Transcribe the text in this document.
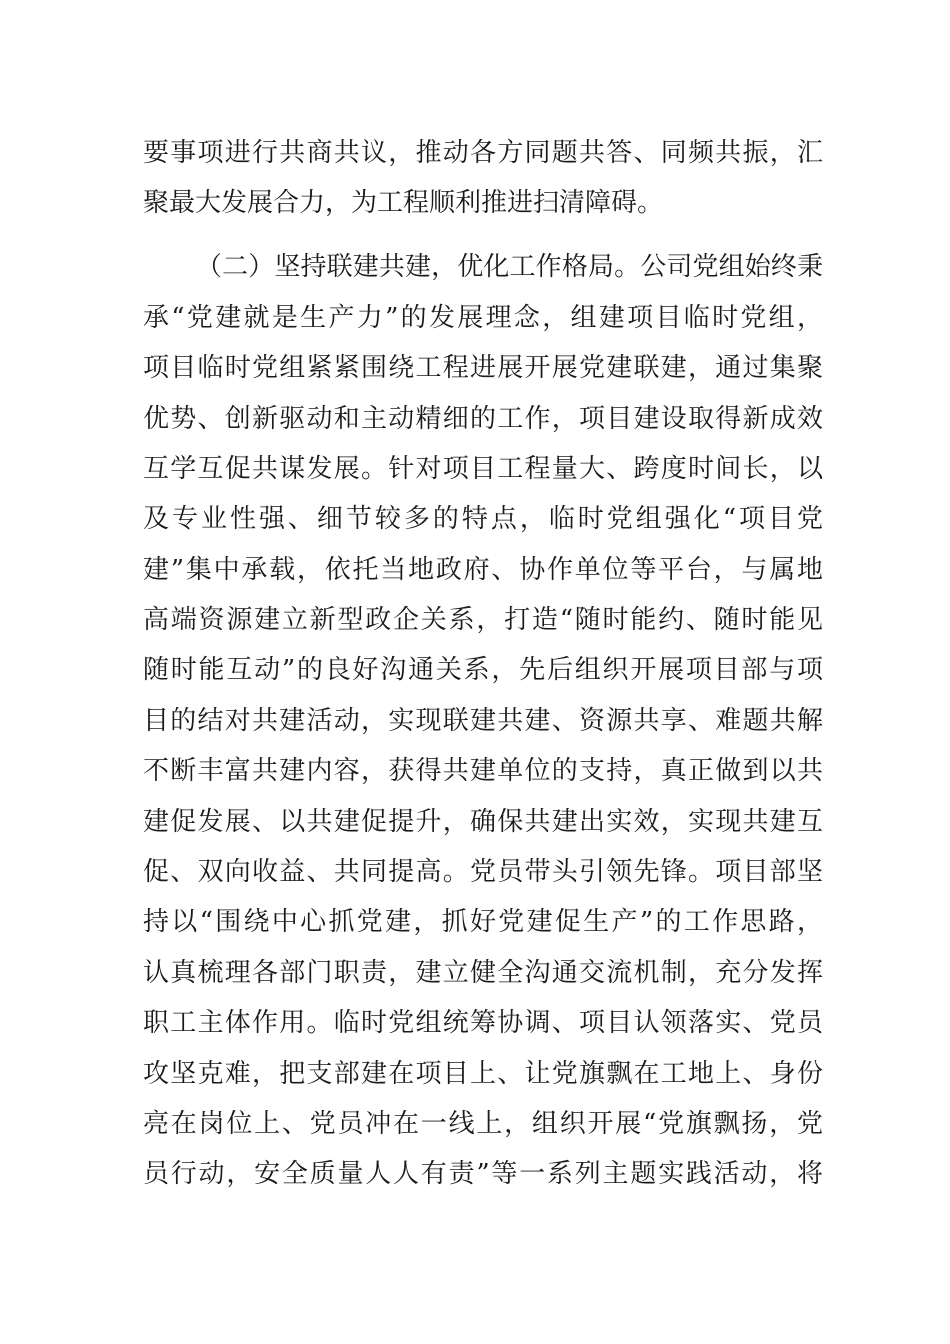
要事项进行共商共议，推动各方同题共答、同频共振，汇
聚最大发展合力，为工程顺利推进扫清障碍。
（二）坚持联建共建，优化工作格局。公司党组始终秉
承“党建就是生产力”的发展理念，组建项目临时党组，
项目临时党组紧紧围绕工程进展开展党建联建，通过集聚
优势、创新驱动和主动精细的工作，项目建设取得新成效
互学互促共谋发展。针对项目工程量大、跨度时间长，以
及专业性强、细节较多的特点，临时党组强化“项目党
建”集中承载，依托当地政府、协作单位等平台，与属地
高端资源建立新型政企关系，打造“随时能约、随时能见
随时能互动”的良好沟通关系，先后组织开展项目部与项
目的结对共建活动，实现联建共建、资源共享、难题共解
不断丰富共建内容，获得共建单位的支持，真正做到以共
建促发展、以共建促提升，确保共建出实效，实现共建互
促、双向收益、共同提高。党员带头引领先锋。项目部坚
持以“围绕中心抓党建，抓好党建促生产”的工作思路，
认真梳理各部门职责，建立健全沟通交流机制，充分发挥
职工主体作用。临时党组统筹协调、项目认领落实、党员
攻坚克难，把支部建在项目上、让党旗飘在工地上、身份
亮在岗位上、党员冲在一线上，组织开展“党旗飘扬，党
员行动，安全质量人人有责”等一系列主题实践活动，将
